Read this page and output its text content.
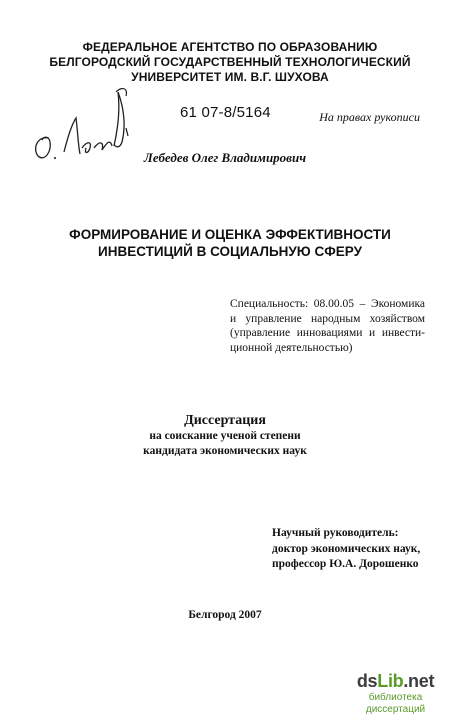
ФЕДЕРАЛЬНОЕ АГЕНТСТВО ПО ОБРАЗОВАНИЮ
БЕЛГОРОДСКИЙ ГОСУДАРСТВЕННЫЙ ТЕХНОЛОГИЧЕСКИЙ
УНИВЕРСИТЕТ ИМ. В.Г. ШУХОВА
61 07-8/5164	На правах рукописи
Лебедев Олег Владимирович
ФОРМИРОВАНИЕ И ОЦЕНКА ЭФФЕКТИВНОСТИ
ИНВЕСТИЦИЙ В СОЦИАЛЬНУЮ СФЕРУ
Специальность: 08.00.05 – Экономика
и управление народным хозяйством
(управление инновациями и инвести-
ционной деятельностью)
Диссертация
на соискание ученой степени
кандидата экономических наук
Научный руководитель:
доктор экономических наук,
профессор Ю.А. Дорошенко
Белгород 2007
dsLib.net
библиотека диссертаций
